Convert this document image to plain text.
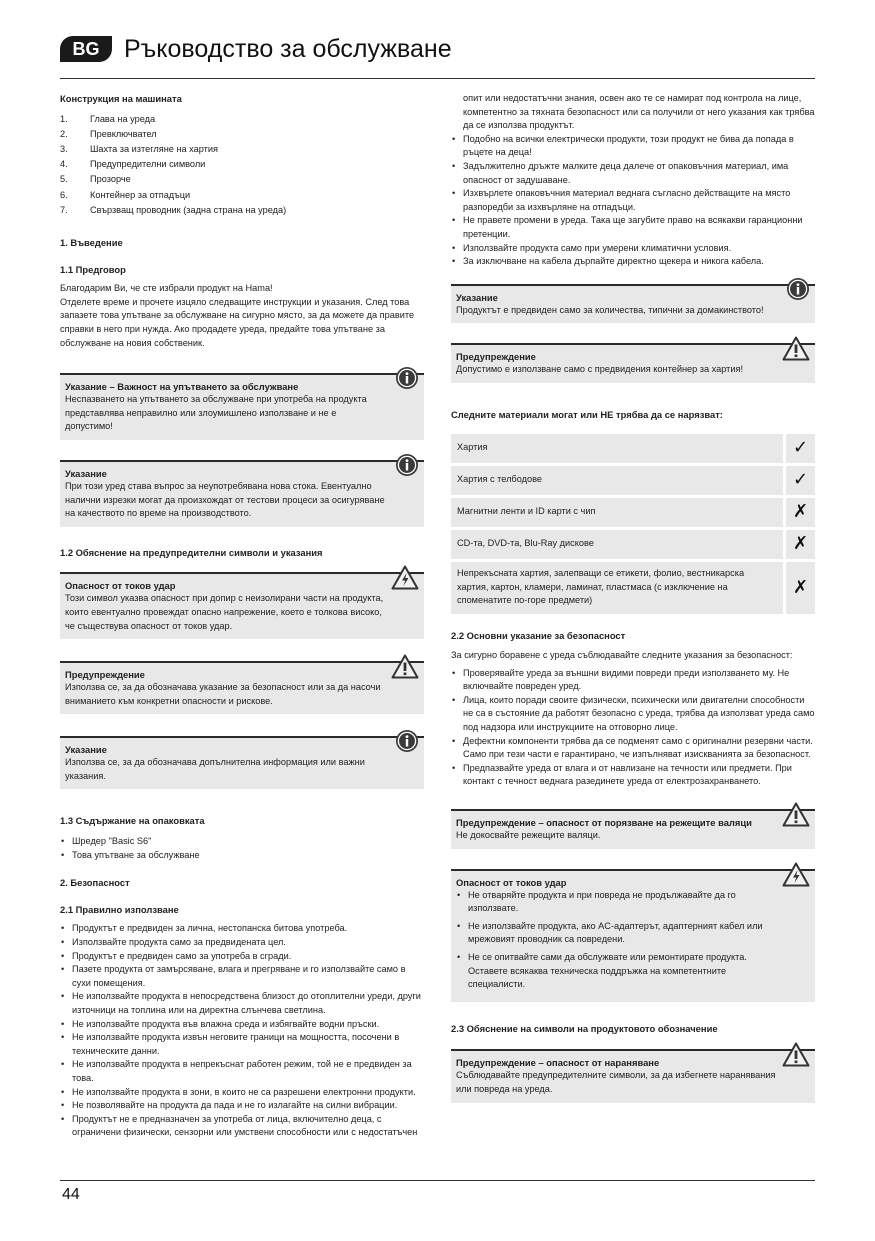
BG Ръководство за обслужване

Конструкция на машината

1.	Глава на уреда
2.	Превключвател
3.	Шахта за изтегляне на хартия
4.	Предупредителни символи
5.	Прозорче
6.	Контейнер за отпадъци
7.	Свързващ проводник (задна страна на уреда)

1. Въведение

1.1 Предговор

Благодарим Ви, че сте избрали продукт на Hama!

Отделете време и прочете изцяло следващите инструкции и указания. След това запазете това упътване за обслужване на сигурно място, за да можете да правите справки в него при нужда. Ако продадете уреда, предайте това упътване за обслужване на новия собственик.

Указание – Важност на упътването за обслужване
Неспазването на упътването за обслужване при употреба на продукта представлява неправилно или злоумишлено използване и не е допустимо!
Указание
При този уред става въпрос за неупотребявана нова стока. Евентуално налични изрезки могат да произхождат от тестови процеси за осигуряване на качеството по време на производството.

1.2 Обяснение на предупредителни символи и указания

Опасност от токов удар
Този символ указва опасност при допир с неизолирани части на продукта, които евентуално провеждат опасно напрежение, което е толкова високо, че съществува опасност от токов удар.
Предупреждение
Използва се, за да обозначава указание за безопасност или за да насочи вниманието към конкретни опасности и рискове.
Указание
Използва се, за да обозначава допълнителна информация или важни указания.

1.3 Съдържание на опаковката

• Шредер "Basic S6"
• Това упътване за обслужване

2. Безопасност

2.1 Правилно използване

• Продуктът е предвиден за лична, нестопанска битова употреба.
• Използвайте продукта само за предвидената цел.
• Продуктът е предвиден само за употреба в сгради.
• Пазете продукта от замърсяване, влага и прегряване и го използвайте само в сухи помещения.
• Не използвайте продукта в непосредствена близост до отоплителни уреди, други източници на топлина или на директна слънчева светлина.
• Не използвайте продукта във влажна среда и избягвайте водни пръски.
• Не използвайте продукта извън неговите граници на мощността, посочени в техническите данни.
• Не използвайте продукта в непрекъснат работен режим, той не е предвиден за това.
• Не използвайте продукта в зони, в които не са разрешени електронни продукти.
• Не позволявайте на продукта да пада и не го излагайте на силни вибрации.
• Продуктът не е предназначен за употреба от лица, включително деца, с ограничени физически, сензорни или умствени способности или с недостатъчен

опит или недостатъчни знания, освен ако те се намират под контрола на лице, компетентно за тяхната безопасност или са получили от него указания как трябва да се използва продуктът.

• Подобно на всички електрически продукти, този продукт не бива да попада в ръцете на деца!
• Задължително дръжте малките деца далече от опаковъчния материал, има опасност от задушаване.
• Изхвърлете опаковъчния материал веднага съгласно действащите на място разпоредби за изхвърляне на отпадъци.
• Не правете промени в уреда. Така ще загубите право на всякакви гаранционни претенции.
• Използвайте продукта само при умерени климатични условия.
• За изключване на кабела дърпайте директно щекера и никога кабела.
Указание
Продуктът е предвиден само за количества, типични за домакинството!
Предупреждение
Допустимо е използване само с предвидения контейнер за хартия!

Следните материали могат или НЕ трябва да се нарязват:

Хартия	✓
Хартия с телбодове	✓
Магнитни ленти и ID карти с чип	✗
CD-та, DVD-та, Blu-Ray дискове	✗
Непрекъсната хартия, залепващи се етикети, фолио, вестникарска хартия, картон, кламери, ламинат, пластмаса (с изключение на споменатите по-горе предмети)	✗

2.2 Основни указание за безопасност

За сигурно боравене с уреда съблюдавайте следните указания за безопасност:

• Проверявайте уреда за външни видими повреди преди използването му. Не включвайте повреден уред.
• Лица, които поради своите физически, психически или двигателни способности не са в състояние да работят безопасно с уреда, трябва да използват уреда само под надзора или инструкциите на отговорно лице.
• Дефектни компоненти трябва да се подменят само с оригинални резервни части. Само при тези части е гарантирано, че изпълняват изискванията за безопасност.
• Предпазвайте уреда от влага и от навлизане на течности или предмети. При контакт с течност веднага разединете уреда от електрозахранването.
Предупреждение – опасност от порязване на режещите валяци
Не докосвайте режещите валяци.
Опасност от токов удар
• Не отваряйте продукта и при повреда не продължавайте да го използвате.
• Не използвайте продукта, ако AC-адаптерът, адаптерният кабел или мрежовият проводник са повредени.
• Не се опитвайте сами да обслужвате или ремонтирате продукта. Оставете всякаква техническа поддръжка на компетентните специалисти.

2.3 Обяснение на символи на продуктовото обозначение

Предупреждение – опасност от нараняване
Съблюдавайте предупредителните символи, за да избегнете наранявания или повреда на уреда.
44
